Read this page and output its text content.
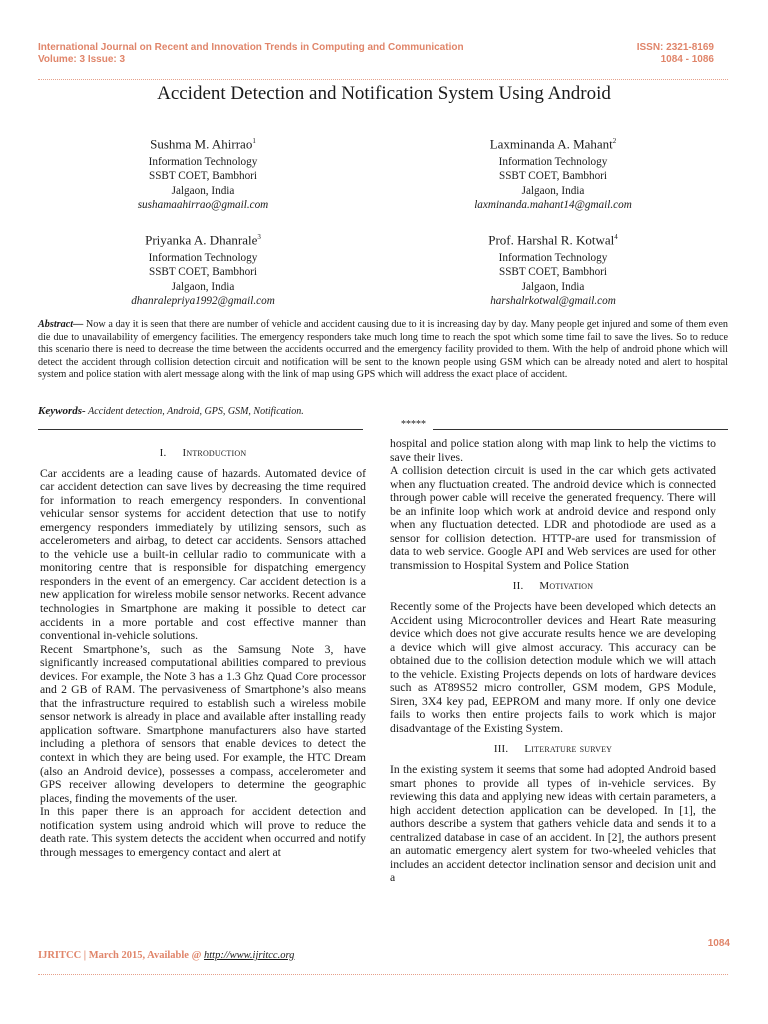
International Journal on Recent and Innovation Trends in Computing and Communication
Volume: 3 Issue: 3
ISSN: 2321-8169
1084 - 1086
Accident Detection and Notification System Using Android
Sushma M. Ahirrao$^1$
Information Technology
SSBT COET, Bambhori
Jalgaon, India
sushamaahirrao@gmail.com
Laxminanda A. Mahant$^2$
Information Technology
SSBT COET, Bambhori
Jalgaon, India
laxminanda.mahant14@gmail.com
Priyanka A. Dhanrale$^3$
Information Technology
SSBT COET, Bambhori
Jalgaon, India
dhanralepriya1992@gmail.com
Prof. Harshal R. Kotwal$^4$
Information Technology
SSBT COET, Bambhori
Jalgaon, India
harshalrkotwal@gmail.com
Abstract— Now a day it is seen that there are number of vehicle and accident causing due to it is increasing day by day. Many people get injured and some of them even die due to unavailability of emergency facilities. The emergency responders take much long time to reach the spot which some time fail to save the lives. So to reduce this scenario there is need to decrease the time between the accidents occurred and the emergency facility provided to them. With the help of android phone which will detect the accident through collision detection circuit and notification will be sent to the known people using GSM which can be already noted and alert to hospital system and police station with alert message along with the link of map using GPS which will address the exact place of accident.
Keywords- Accident detection, Android, GPS, GSM, Notification.
*****
I. Introduction

Car accidents are a leading cause of hazards. Automated device of car accident detection can save lives by decreasing the time required for information to reach emergency responders. In conventional vehicular sensor systems for accident detection that use to notify emergency responders immediately by utilizing sensors, such as accelerometers and airbag, to detect car accidents. Sensors attached to the vehicle use a built-in cellular radio to communicate with a monitoring centre that is responsible for dispatching emergency responders in the event of an emergency. Car accident detection is a new application for wireless mobile sensor networks. Recent advance technologies in Smartphone are making it possible to detect car accidents in a more portable and cost effective manner than conventional in-vehicle solutions.

Recent Smartphone’s, such as the Samsung Note 3, have significantly increased computational abilities compared to previous devices. For example, the Note 3 has a 1.3 Ghz Quad Core processor and 2 GB of RAM. The pervasiveness of Smartphone’s also means that the infrastructure required to establish such a wireless mobile sensor network is already in place and available after installing ready application software. Smartphone manufacturers also have started including a plethora of sensors that enable devices to detect the context in which they are being used. For example, the HTC Dream (also an Android device), possesses a compass, accelerometer and GPS receiver allowing developers to determine the geographic places, finding the movements of the user.

In this paper there is an approach for accident detection and notification system using android which will prove to reduce the death rate. This system detects the accident when occurred and notify through messages to emergency contact and alert at

hospital and police station along with map link to help the victims to save their lives.

A collision detection circuit is used in the car which gets activated when any fluctuation created. The android device which is connected through power cable will receive the generated frequency. There will be an infinite loop which work at android device and respond only when any fluctuation detected. LDR and photodiode are used as a sensor for collision detection. HTTP-are used for transmission of data to web service. Google API and Web services are used for other transmission to Hospital System and Police Station

II. Motivation

Recently some of the Projects have been developed which detects an Accident using Microcontroller devices and Heart Rate measuring device which does not give accurate results hence we are developing a device which will give almost accuracy. This accuracy can be obtained due to the collision detection module which we will attach to the vehicle. Existing Projects depends on lots of hardware devices such as AT89S52 micro controller, GSM modem, GPS Module, Siren, 3X4 key pad, EEPROM and many more. If only one device fails to works then entire projects fails to work which is major disadvantage of the Existing System.

III. Literature survey

In the existing system it seems that some had adopted Android based smart phones to provide all types of in-vehicle services. By reviewing this data and applying new ideas with certain parameters, a high accident detection application can be developed. In [1], the authors describe a system that gathers vehicle data and sends it to a centralized database in case of an accident. In [2], the authors present an automatic emergency alert system for two-wheeled vehicles that includes an accident detector inclination sensor and decision unit and a

1084
IJRITCC | March 2015, Available @ http://www.ijritcc.org
